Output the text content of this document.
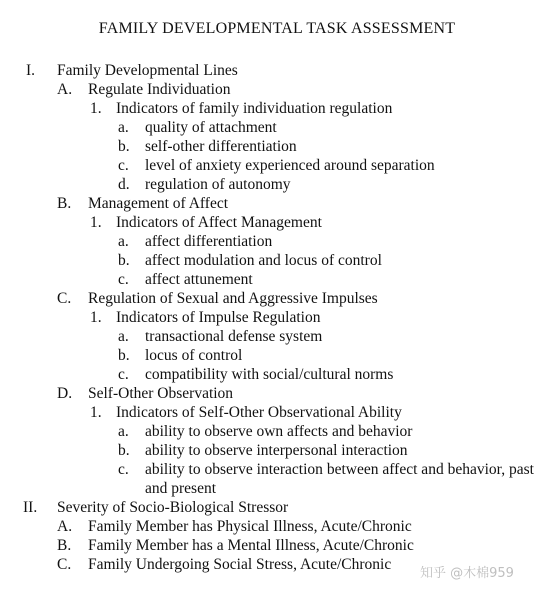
FAMILY DEVELOPMENTAL TASK ASSESSMENT
I. Family Developmental Lines
A. Regulate Individuation
1. Indicators of family individuation regulation
a. quality of attachment
b. self-other differentiation
c. level of anxiety experienced around separation
d. regulation of autonomy
B. Management of Affect
1. Indicators of Affect Management
a. affect differentiation
b. affect modulation and locus of control
c. affect attunement
C. Regulation of Sexual and Aggressive Impulses
1. Indicators of Impulse Regulation
a. transactional defense system
b. locus of control
c. compatibility with social/cultural norms
D. Self-Other Observation
1. Indicators of Self-Other Observational Ability
a. ability to observe own affects and behavior
b. ability to observe interpersonal interaction
c. ability to observe interaction between affect and behavior, past and present
II. Severity of Socio-Biological Stressor
A. Family Member has Physical Illness, Acute/Chronic
B. Family Member has a Mental Illness, Acute/Chronic
C. Family Undergoing Social Stress, Acute/Chronic
知乎 @木棉959
